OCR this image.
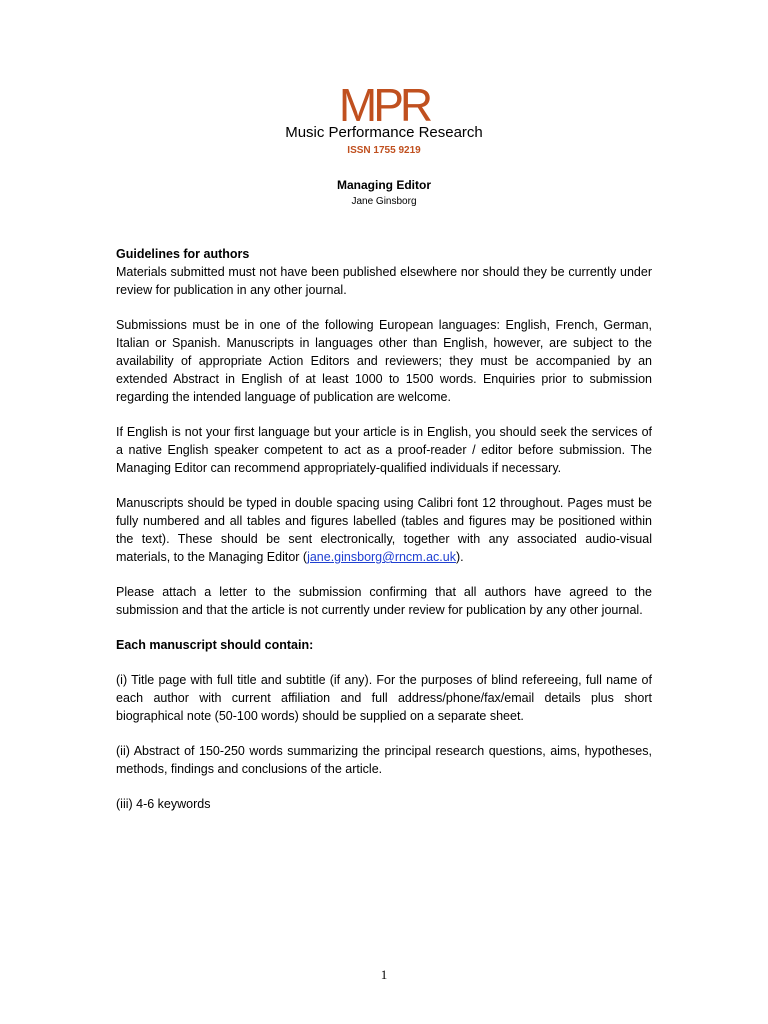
MPR
Music Performance Research
ISSN 1755 9219
Managing Editor
Jane Ginsborg

Guidelines for authors

Materials submitted must not have been published elsewhere nor should they be currently under review for publication in any other journal.

Submissions must be in one of the following European languages: English, French, German, Italian or Spanish. Manuscripts in languages other than English, however, are subject to the availability of appropriate Action Editors and reviewers; they must be accompanied by an extended Abstract in English of at least 1000 to 1500 words. Enquiries prior to submission regarding the intended language of publication are welcome.

If English is not your first language but your article is in English, you should seek the services of a native English speaker competent to act as a proof-reader / editor before submission. The Managing Editor can recommend appropriately-qualified individuals if necessary.

Manuscripts should be typed in double spacing using Calibri font 12 throughout. Pages must be fully numbered and all tables and figures labelled (tables and figures may be positioned within the text). These should be sent electronically, together with any associated audio-visual materials, to the Managing Editor (jane.ginsborg@rncm.ac.uk).

Please attach a letter to the submission confirming that all authors have agreed to the submission and that the article is not currently under review for publication by any other journal.

Each manuscript should contain:

(i) Title page with full title and subtitle (if any). For the purposes of blind refereeing, full name of each author with current affiliation and full address/phone/fax/email details plus short biographical note (50-100 words) should be supplied on a separate sheet.

(ii) Abstract of 150-250 words summarizing the principal research questions, aims, hypotheses, methods, findings and conclusions of the article.

(iii) 4-6 keywords

1
